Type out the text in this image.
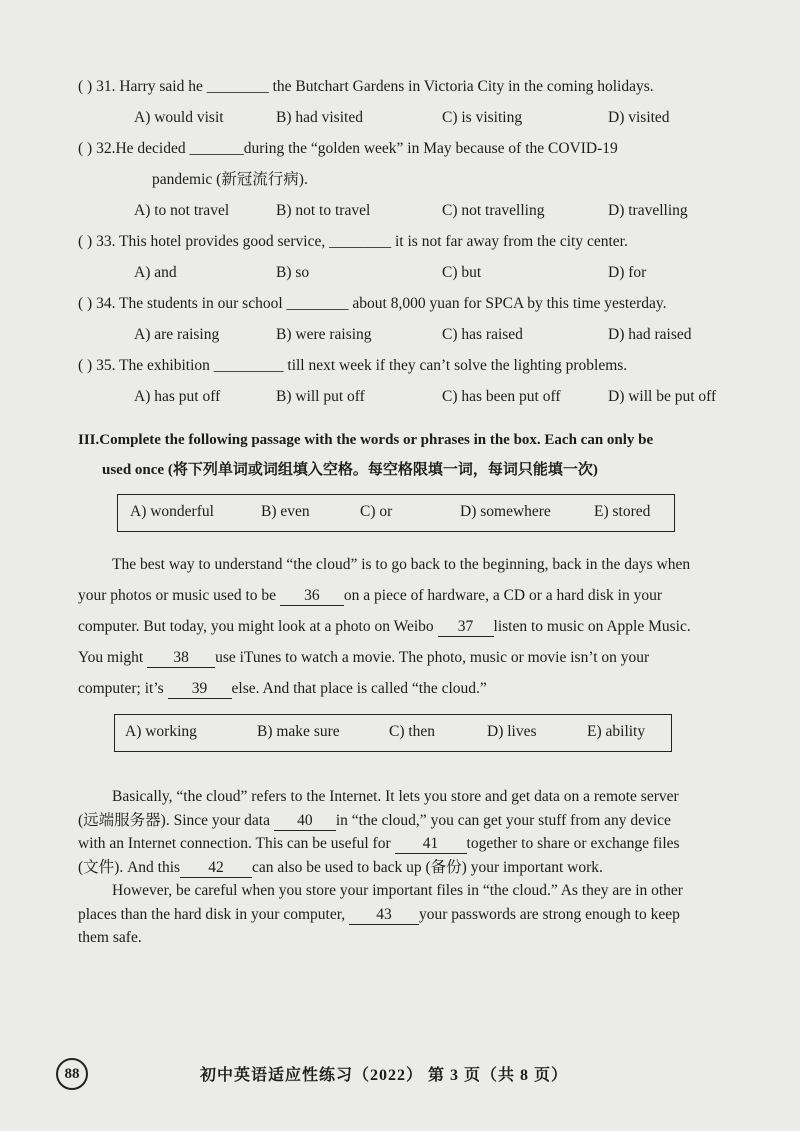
( ) 31. Harry said he ________ the Butchart Gardens in Victoria City in the coming holidays.
A) would visit	B) had visited	C) is visiting	D) visited
( ) 32.He decided _______during the “golden week” in May because of the COVID-19
pandemic (新冠流行病).
A) to not travel	B) not to travel	C) not travelling	D) travelling
( ) 33. This hotel provides good service, ________ it is not far away from the city center.
A) and	B) so	C) but	D) for
( ) 34. The students in our school ________ about 8,000 yuan for SPCA by this time yesterday.
A) are raising	B) were raising	C) has raised	D) had raised
( ) 35. The exhibition _________ till next week if they can’t solve the lighting problems.
A) has put off	B) will put off	C) has been put off	D) will be put off
III.Complete the following passage with the words or phrases in the box. Each can only be
used once (将下列单词或词组填入空格。每空格限填一词，每词只能填一次)
A) wonderful	B) even	C) or	D) somewhere	E) stored
The best way to understand “the cloud” is to go back to the beginning, back in the days when
your photos or music used to be 36 on a piece of hardware, a CD or a hard disk in your
computer. But today, you might look at a photo on Weibo 37 listen to music on Apple Music.
You might 38 use iTunes to watch a movie. The photo, music or movie isn’t on your
computer; it’s 39 else. And that place is called “the cloud.”
A) working	B) make sure	C) then	D) lives	E) ability
Basically, “the cloud” refers to the Internet. It lets you store and get data on a remote server
(远端服务器). Since your data 40 in “the cloud,” you can get your stuff from any device
with an Internet connection. This can be useful for 41 together to share or exchange files
(文件). And this 42 can also be used to back up (备份) your important work.
However, be careful when you store your important files in “the cloud.” As they are in other
places than the hard disk in your computer, 43 your passwords are strong enough to keep
them safe.
88	初中英语适应性练习（2022） 第 3 页（共 8 页）
